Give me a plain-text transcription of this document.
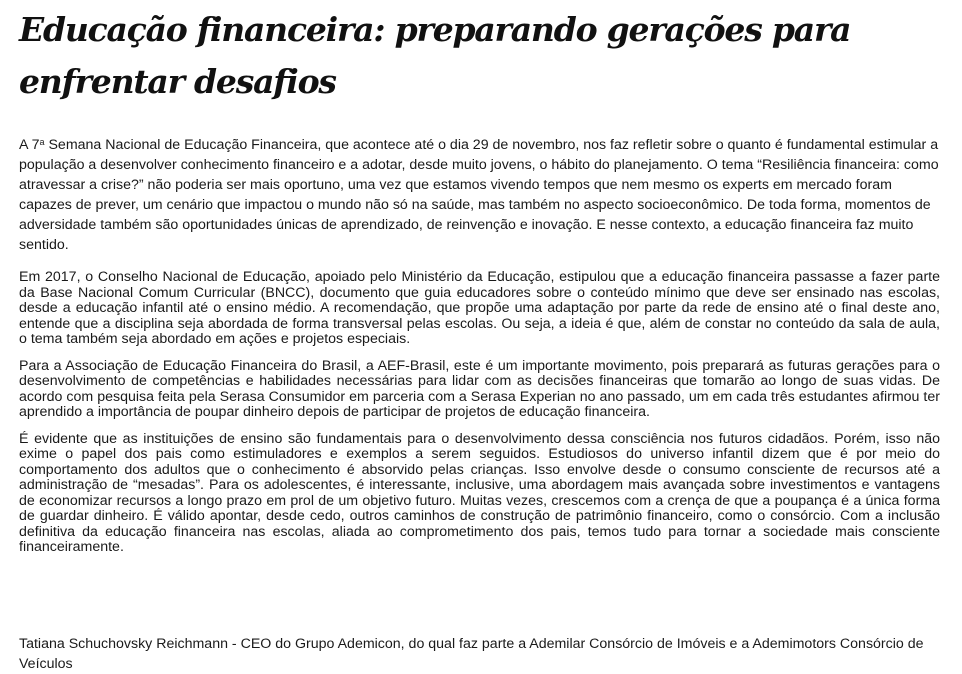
Educação financeira: preparando gerações para enfrentar desafios

A 7$^a$ Semana Nacional de Educação Financeira, que acontece até o dia 29 de novembro, nos faz refletir sobre o quanto é fundamental estimular a população a desenvolver conhecimento financeiro e a adotar, desde muito jovens, o hábito do planejamento. O tema “Resiliência financeira: como atravessar a crise?” não poderia ser mais oportuno, uma vez que estamos vivendo tempos que nem mesmo os experts em mercado foram capazes de prever, um cenário que impactou o mundo não só na saúde, mas também no aspecto socioeconômico. De toda forma, momentos de adversidade também são oportunidades únicas de aprendizado, de reinvenção e inovação. E nesse contexto, a educação financeira faz muito sentido.

Em 2017, o Conselho Nacional de Educação, apoiado pelo Ministério da Educação, estipulou que a educação financeira passasse a fazer parte da Base Nacional Comum Curricular (BNCC), documento que guia educadores sobre o conteúdo mínimo que deve ser ensinado nas escolas, desde a educação infantil até o ensino médio. A recomendação, que propõe uma adaptação por parte da rede de ensino até o final deste ano, entende que a disciplina seja abordada de forma transversal pelas escolas. Ou seja, a ideia é que, além de constar no conteúdo da sala de aula, o tema também seja abordado em ações e projetos especiais.

Para a Associação de Educação Financeira do Brasil, a AEF-Brasil, este é um importante movimento, pois preparará as futuras gerações para o desenvolvimento de competências e habilidades necessárias para lidar com as decisões financeiras que tomarão ao longo de suas vidas. De acordo com pesquisa feita pela Serasa Consumidor em parceria com a Serasa Experian no ano passado, um em cada três estudantes afirmou ter aprendido a importância de poupar dinheiro depois de participar de projetos de educação financeira.

É evidente que as instituições de ensino são fundamentais para o desenvolvimento dessa consciência nos futuros cidadãos. Porém, isso não exime o papel dos pais como estimuladores e exemplos a serem seguidos. Estudiosos do universo infantil dizem que é por meio do comportamento dos adultos que o conhecimento é absorvido pelas crianças. Isso envolve desde o consumo consciente de recursos até a administração de “mesadas”. Para os adolescentes, é interessante, inclusive, uma abordagem mais avançada sobre investimentos e vantagens de economizar recursos a longo prazo em prol de um objetivo futuro. Muitas vezes, crescemos com a crença de que a poupança é a única forma de guardar dinheiro. É válido apontar, desde cedo, outros caminhos de construção de patrimônio financeiro, como o consórcio. Com a inclusão definitiva da educação financeira nas escolas, aliada ao comprometimento dos pais, temos tudo para tornar a sociedade mais consciente financeiramente.

Tatiana Schuchovsky Reichmann - CEO do Grupo Ademicon, do qual faz parte a Ademilar Consórcio de Imóveis e a Ademimotors Consórcio de Veículos
